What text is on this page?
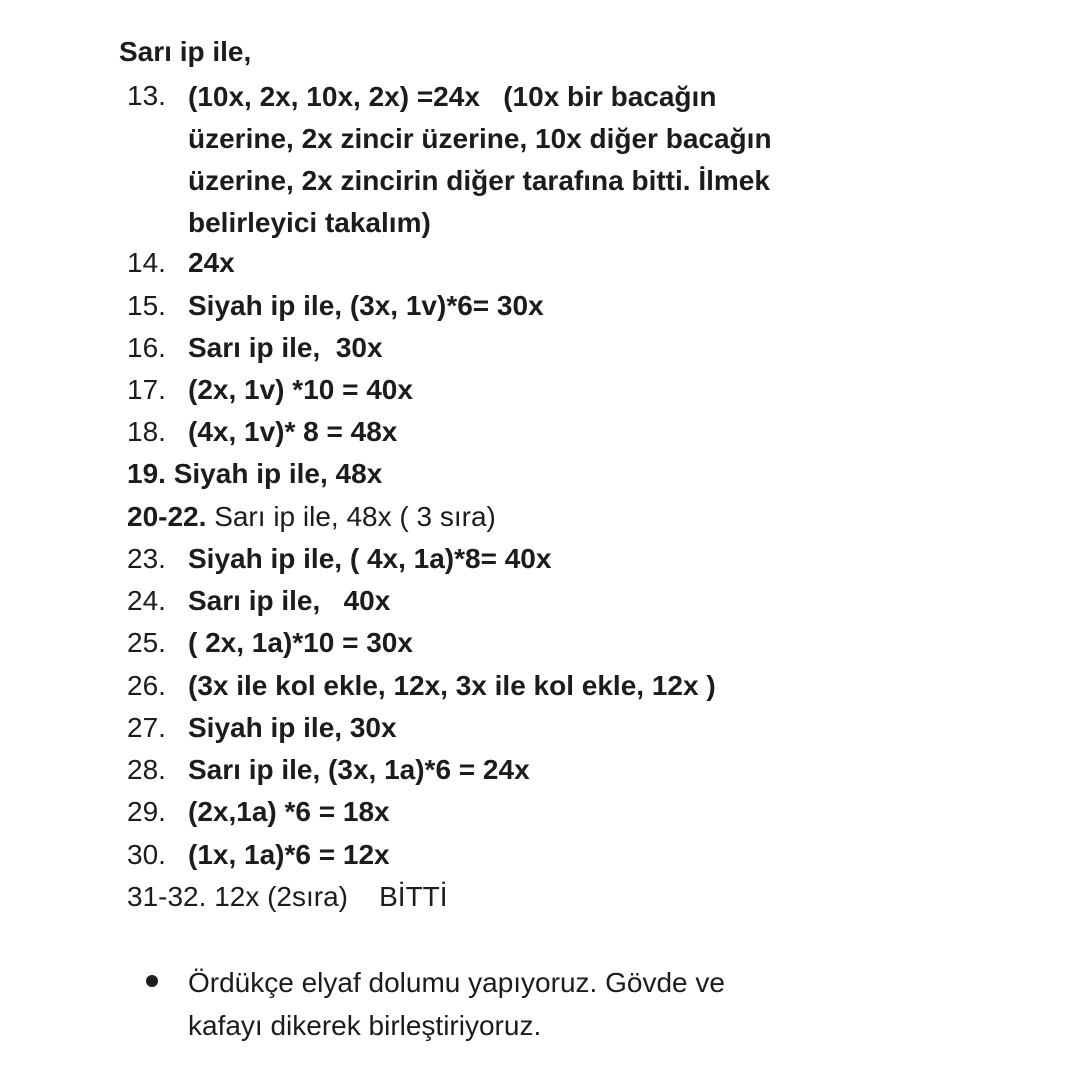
Sarı ip ile,
13. (10x, 2x, 10x, 2x) =24x   (10x bir bacağın
üzerine, 2x zincir üzerine, 10x diğer bacağın
üzerine, 2x zincirin diğer tarafına bitti. İlmek
belirleyici takalım)
14. 24x
15. Siyah ip ile, (3x, 1v)*6= 30x
16. Sarı ip ile,  30x
17. (2x, 1v) *10 = 40x
18. (4x, 1v)* 8 = 48x
19. Siyah ip ile, 48x
20-22. Sarı ip ile, 48x ( 3 sıra)
23. Siyah ip ile, ( 4x, 1a)*8= 40x
24. Sarı ip ile,   40x
25. ( 2x, 1a)*10 = 30x
26. (3x ile kol ekle, 12x, 3x ile kol ekle, 12x )
27. Siyah ip ile, 30x
28. Sarı ip ile, (3x, 1a)*6 = 24x
29. (2x,1a) *6 = 18x
30. (1x, 1a)*6 = 12x
31-32. 12x (2sıra)    BİTTİ
Ördükçe elyaf dolumu yapıyoruz. Gövde ve
kafayı dikerek birleştiriyoruz.
